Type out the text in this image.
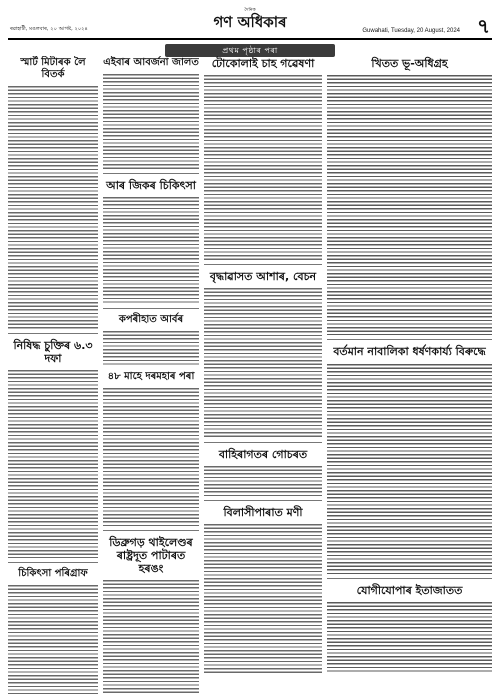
ৰৱাহাটী, মঙলবাৰ, ২০ আগষ্ট, ২০২৪
দৈনিক
গণ অধিকাৰ	Guwahati, Tuesday, 20 August, 2024 ৭
প্ৰথম পৃষ্ঠাৰ পৰা
স্মাৰ্ট মিটাৰক লৈ বিতৰ্ক
নিষিদ্ধ চুক্তিৰ ৬.৩ দফা
চিকিৎসা পৰিগ্ৰাফ
এইবাৰ আবৰ্জনা জালত
আৰ জিকৰ চিকিৎসা
কপৰীহাত আৰ্বৰ
৪৮ মাহে দৰমহাৰ পৰা
ডিব্ৰুগড় থাইলেণ্ডৰ ৰাষ্ট্ৰদূত পাটাৰত হৰঙং
টোকোলাই চাহ গৱেষণা
বৃদ্ধাৱাসত আশাৰ, বেচন
বাহিৰাগতৰ গোচৰত
বিলাসীপাৰাত মণী
খিতত ভূ-অধিগ্ৰহ
বৰ্তমান নাবালিকা ধৰ্ষণকাৰ্য্য বিৰুদ্ধে
যোগীযোপাৰ ইতাজাতত
